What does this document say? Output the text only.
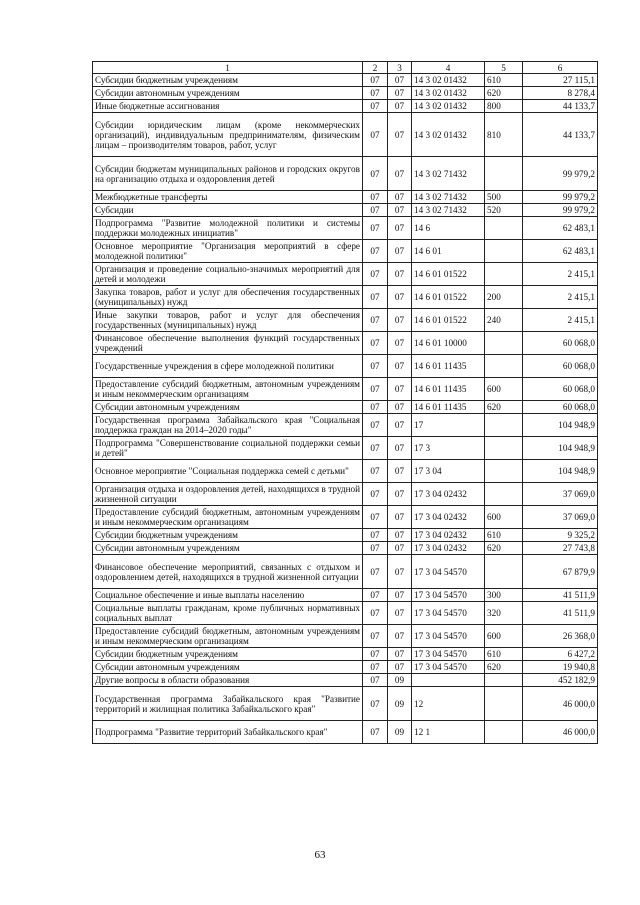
1	2	3	4	5	6
Субсидии бюджетным учреждениям	07	07	14 3 02 01432	610	27 115,1
Субсидии автономным учреждениям	07	07	14 3 02 01432	620	8 278,4
Иные бюджетные ассигнования	07	07	14 3 02 01432	800	44 133,7
Субсидии юридическим лицам (кроме некоммерческих организаций), индивидуальным предпринимателям, физическим лицам – производителям товаров, работ, услуг	07	07	14 3 02 01432	810	44 133,7
Субсидии бюджетам муниципальных районов и городских округов на организацию отдыха и оздоровления детей	07	07	14 3 02 71432		99 979,2
Межбюджетные трансферты	07	07	14 3 02 71432	500	99 979,2
Субсидии	07	07	14 3 02 71432	520	99 979,2
Подпрограмма "Развитие молодежной политики и системы поддержки молодежных инициатив"	07	07	14 6		62 483,1
Основное мероприятие "Организация мероприятий в сфере молодежной политики"	07	07	14 6 01		62 483,1
Организация и проведение социально-значимых мероприятий для детей и молодежи	07	07	14 6 01 01522		2 415,1
Закупка товаров, работ и услуг для обеспечения государственных (муниципальных) нужд	07	07	14 6 01 01522	200	2 415,1
Иные закупки товаров, работ и услуг для обеспечения государственных (муниципальных) нужд	07	07	14 6 01 01522	240	2 415,1
Финансовое обеспечение выполнения функций государственных учреждений	07	07	14 6 01 10000		60 068,0
Государственные учреждения в сфере молодежной политики	07	07	14 6 01 11435		60 068,0
Предоставление субсидий бюджетным, автономным учреждениям и иным некоммерческим организациям	07	07	14 6 01 11435	600	60 068,0
Субсидии автономным учреждениям	07	07	14 6 01 11435	620	60 068,0
Государственная программа Забайкальского края "Социальная поддержка граждан на 2014–2020 годы"	07	07	17		104 948,9
Подпрограмма "Совершенствование социальной поддержки семьи и детей"	07	07	17 3		104 948,9
Основное мероприятие "Социальная поддержка семей с детьми"	07	07	17 3 04		104 948,9
Организация отдыха и оздоровления детей, находящихся в трудной жизненной ситуации	07	07	17 3 04 02432		37 069,0
Предоставление субсидий бюджетным, автономным учреждениям и иным некоммерческим организациям	07	07	17 3 04 02432	600	37 069,0
Субсидии бюджетным учреждениям	07	07	17 3 04 02432	610	9 325,2
Субсидии автономным учреждениям	07	07	17 3 04 02432	620	27 743,8
Финансовое обеспечение мероприятий, связанных с отдыхом и оздоровлением детей, находящихся в трудной жизненной ситуации	07	07	17 3 04 54570		67 879,9
Социальное обеспечение и иные выплаты населению	07	07	17 3 04 54570	300	41 511,9
Социальные выплаты гражданам, кроме публичных нормативных социальных выплат	07	07	17 3 04 54570	320	41 511,9
Предоставление субсидий бюджетным, автономным учреждениям и иным некоммерческим организациям	07	07	17 3 04 54570	600	26 368,0
Субсидии бюджетным учреждениям	07	07	17 3 04 54570	610	6 427,2
Субсидии автономным учреждениям	07	07	17 3 04 54570	620	19 940,8
Другие вопросы в области образования	07	09			452 182,9
Государственная программа Забайкальского края "Развитие территорий и жилищная политика Забайкальского края"	07	09	12		46 000,0
Подпрограмма "Развитие территорий Забайкальского края"	07	09	12 1		46 000,0
63
